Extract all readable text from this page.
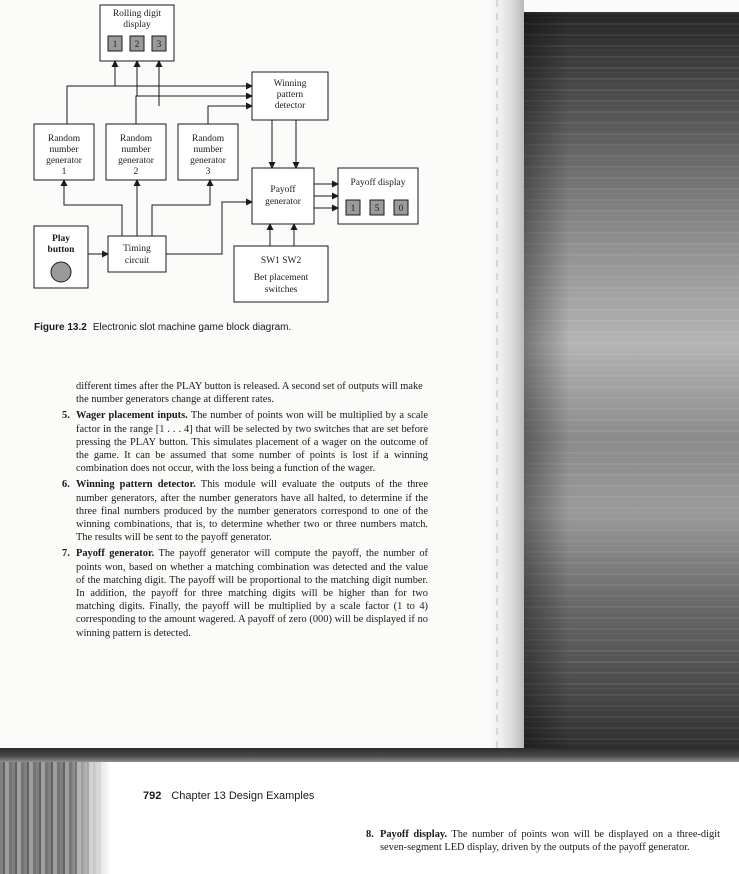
Rolling digit
display
1 2 3
Winning
pattern
detector
Random
number
generator
1
Random
number
generator
2
Random
number
generator
3
Payoff
generator
Payoff display
1 5 0
Play
button	Timing
circuit	SW1 SW2
Bet placement
switches
Figure 13.2 Electronic slot machine game block diagram.

different times after the PLAY button is released. A second set of outputs will make the number generators change at different rates.

5. Wager placement inputs. The number of points won will be multiplied by a scale factor in the range [1 . . . 4] that will be selected by two switches that are set before pressing the PLAY button. This simulates placement of a wager on the outcome of the game. It can be assumed that some number of points is lost if a winning combination does not occur, with the loss being a function of the wager.
6. Winning pattern detector. This module will evaluate the outputs of the three number generators, after the number generators have all halted, to determine if the three final numbers produced by the number generators correspond to one of the winning combinations, that is, to determine whether two or three numbers match. The results will be sent to the payoff generator.
7. Payoff generator. The payoff generator will compute the payoff, the number of points won, based on whether a matching combination was detected and the value of the matching digit. The payoff will be proportional to the matching digit number. In addition, the payoff for three matching digits will be higher than for two matching digits. Finally, the payoff will be multiplied by a scale factor (1 to 4) corresponding to the amount wagered. A payoff of zero (000) will be displayed if no winning pattern is detected.
792 Chapter 13 Design Examples
8. Payoff display. The number of points won will be displayed on a three-digit seven-segment LED display, driven by the outputs of the payoff generator.
